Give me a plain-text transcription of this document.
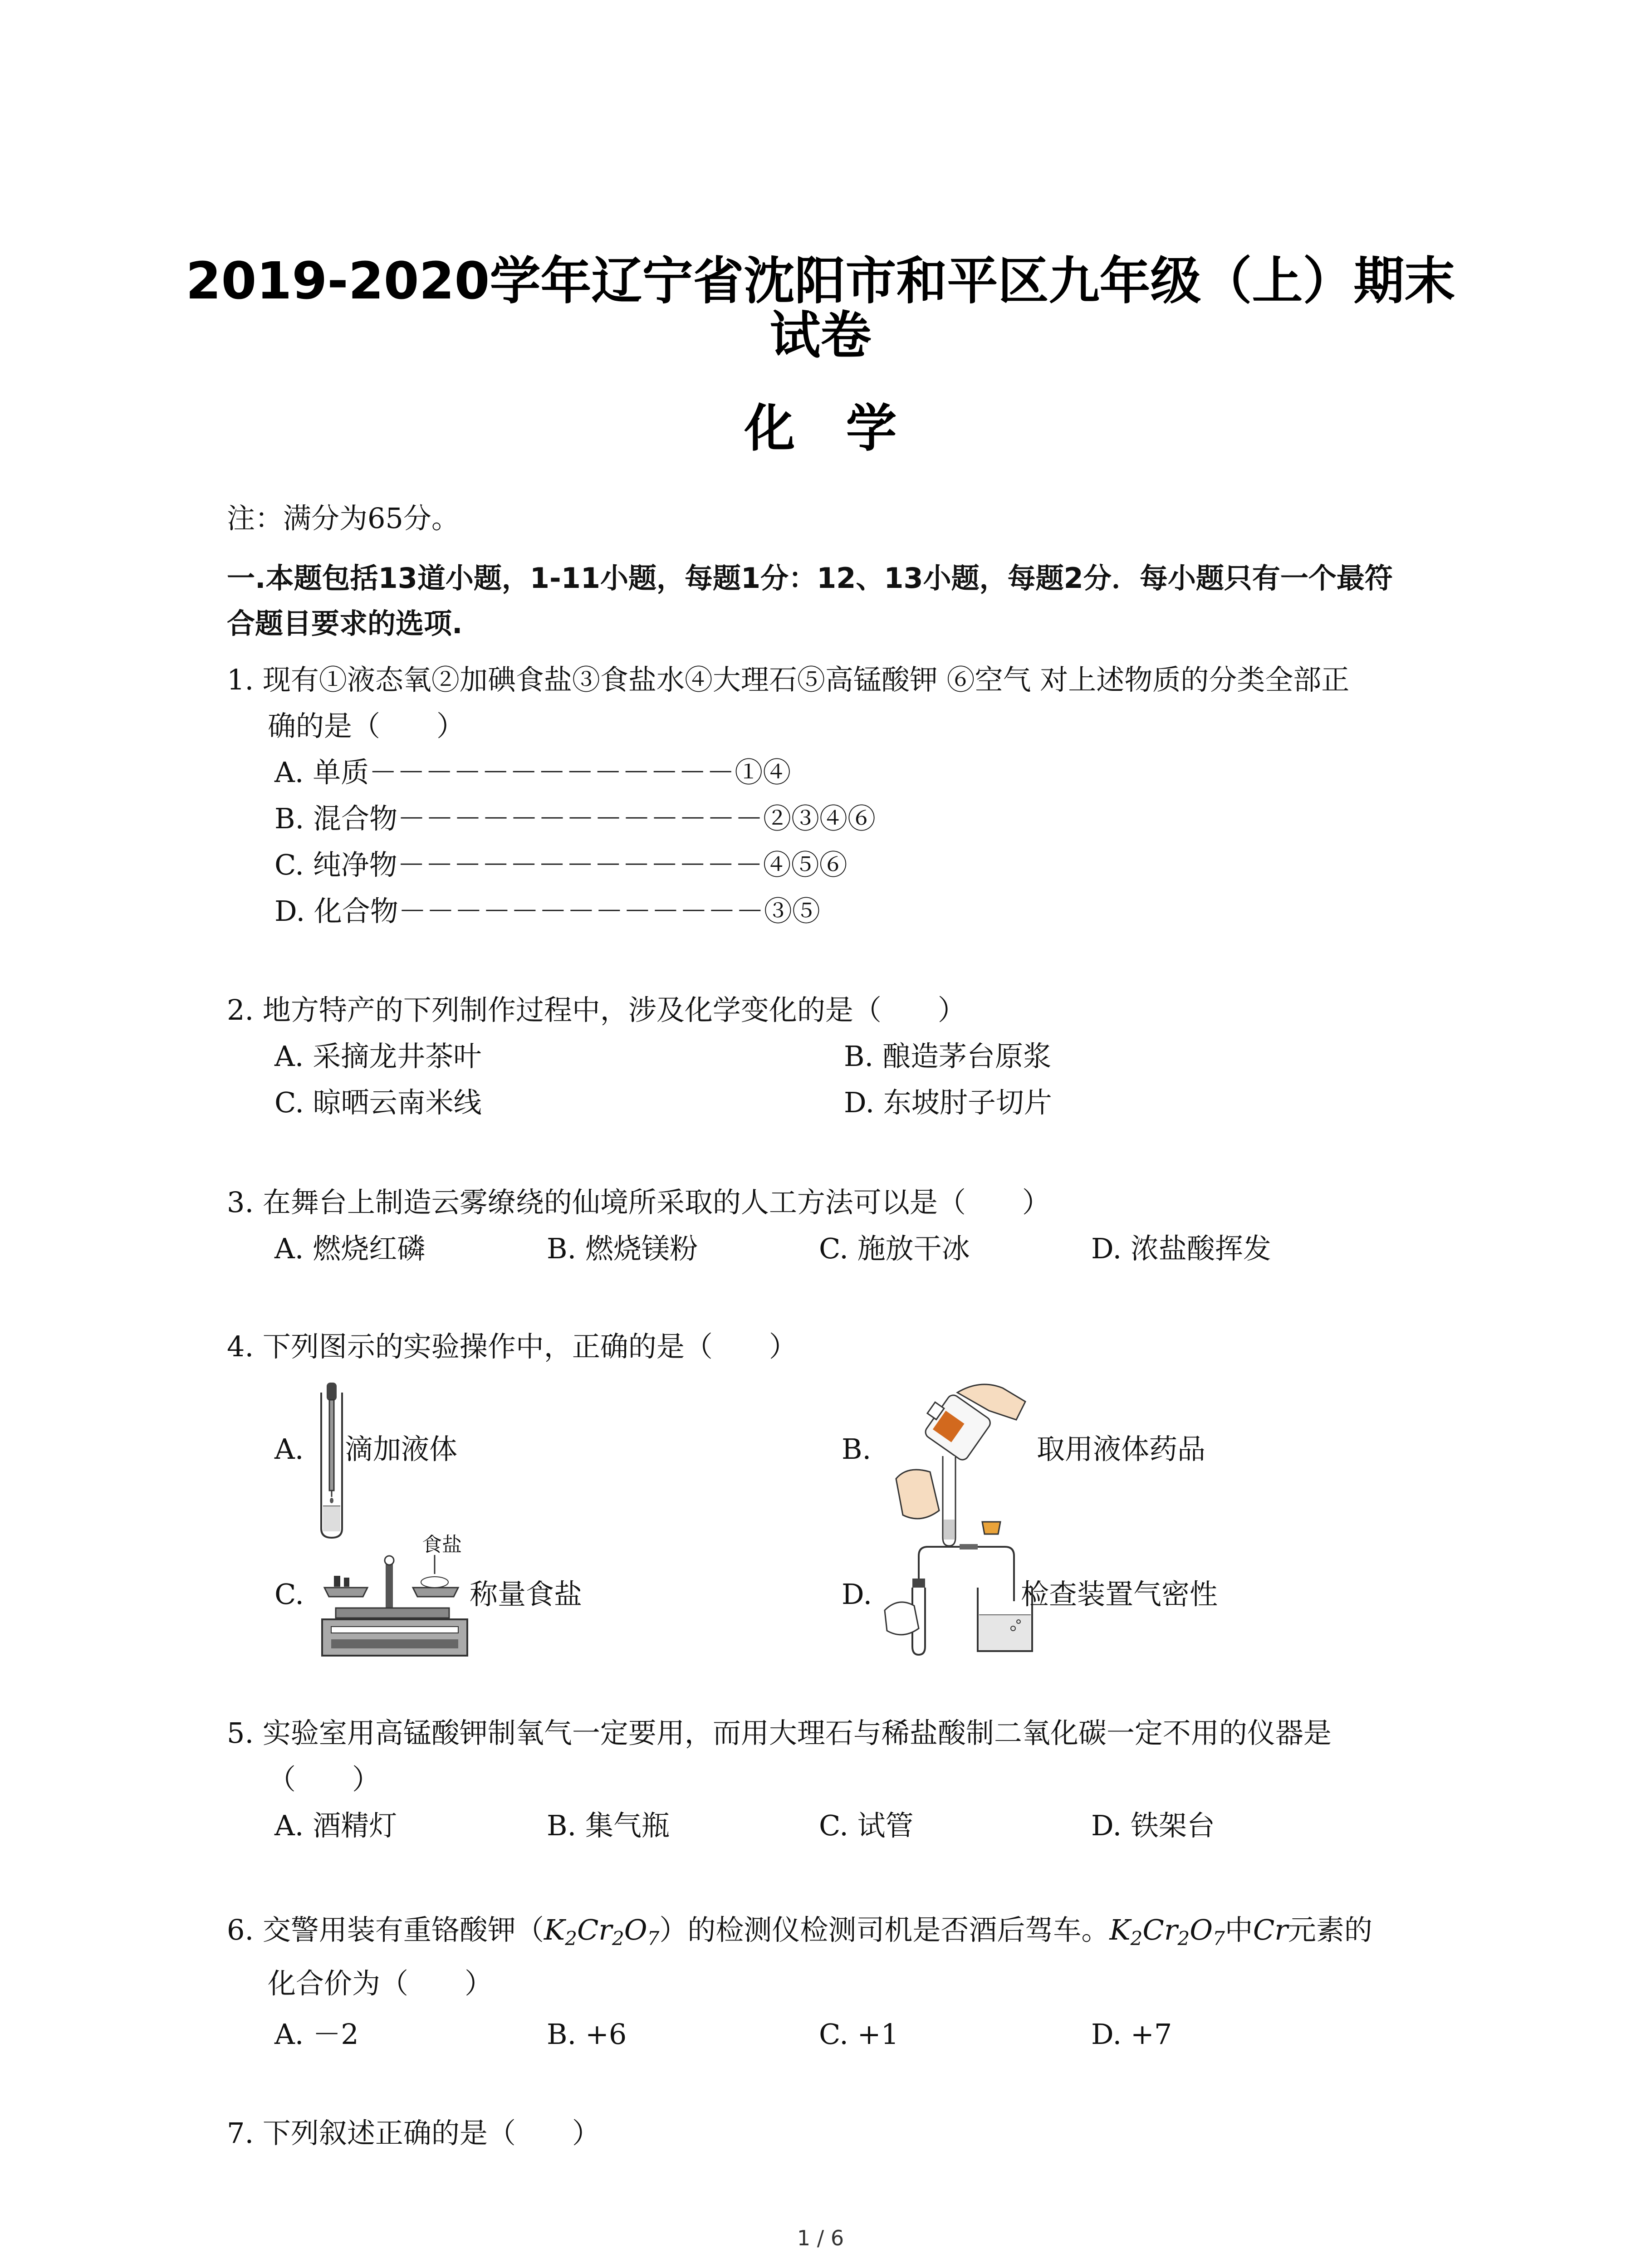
2019-2020学年辽宁省沈阳市和平区九年级（上）期末
试卷
化　学
注：满分为65分。
一.本题包括13道小题，1-11小题，每题1分：12、13小题，每题2分．每小题只有一个最符
合题目要求的选项.
1. 现有①液态氧②加碘食盐③食盐水④大理石⑤高锰酸钾 ⑥空气 对上述物质的分类全部正
确的是（　　）
A. 单质－－－－－－－－－－－－－①④
B. 混合物－－－－－－－－－－－－－②③④⑥
C. 纯净物－－－－－－－－－－－－－④⑤⑥
D. 化合物－－－－－－－－－－－－－③⑤
2. 地方特产的下列制作过程中，涉及化学变化的是（　　）
A. 采摘龙井茶叶	B. 酿造茅台原浆
C. 晾晒云南米线	D. 东坡肘子切片
3. 在舞台上制造云雾缭绕的仙境所采取的人工方法可以是（　　）
A. 燃烧红磷	B. 燃烧镁粉	C. 施放干冰	D. 浓盐酸挥发
4. 下列图示的实验操作中，正确的是（　　）
A. 滴加液体	B.	取用液体药品
C.
食盐
称量食盐	D.	检查装置气密性
5. 实验室用高锰酸钾制氧气一定要用，而用大理石与稀盐酸制二氧化碳一定不用的仪器是
（　　）
A. 酒精灯	B. 集气瓶	C. 试管	D. 铁架台
6. 交警用装有重铬酸钾$(K_2Cr_2O_7)$的检测仪检测司机是否酒后驾车。$K_2Cr_2O_7$中Cr元素的
化合价为（　　）
A. －2	B. +6	C. +1	D. +7
7. 下列叙述正确的是（　　）
1 / 6
